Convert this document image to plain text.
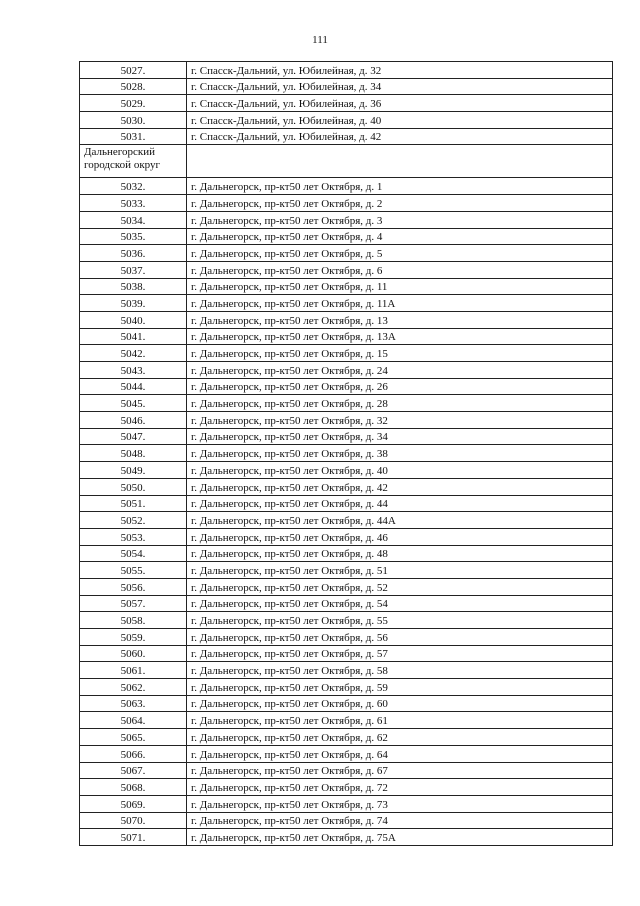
111
5027.	г. Спасск-Дальний, ул. Юбилейная, д. 32
5028.	г. Спасск-Дальний, ул. Юбилейная, д. 34
5029.	г. Спасск-Дальний, ул. Юбилейная, д. 36
5030.	г. Спасск-Дальний, ул. Юбилейная, д. 40
5031.	г. Спасск-Дальний, ул. Юбилейная, д. 42
Дальнегорский городской округ	
5032.	г. Дальнегорск, пр-кт50 лет Октября, д. 1
5033.	г. Дальнегорск, пр-кт50 лет Октября, д. 2
5034.	г. Дальнегорск, пр-кт50 лет Октября, д. 3
5035.	г. Дальнегорск, пр-кт50 лет Октября, д. 4
5036.	г. Дальнегорск, пр-кт50 лет Октября, д. 5
5037.	г. Дальнегорск, пр-кт50 лет Октября, д. 6
5038.	г. Дальнегорск, пр-кт50 лет Октября, д. 11
5039.	г. Дальнегорск, пр-кт50 лет Октября, д. 11А
5040.	г. Дальнегорск, пр-кт50 лет Октября, д. 13
5041.	г. Дальнегорск, пр-кт50 лет Октября, д. 13А
5042.	г. Дальнегорск, пр-кт50 лет Октября, д. 15
5043.	г. Дальнегорск, пр-кт50 лет Октября, д. 24
5044.	г. Дальнегорск, пр-кт50 лет Октября, д. 26
5045.	г. Дальнегорск, пр-кт50 лет Октября, д. 28
5046.	г. Дальнегорск, пр-кт50 лет Октября, д. 32
5047.	г. Дальнегорск, пр-кт50 лет Октября, д. 34
5048.	г. Дальнегорск, пр-кт50 лет Октября, д. 38
5049.	г. Дальнегорск, пр-кт50 лет Октября, д. 40
5050.	г. Дальнегорск, пр-кт50 лет Октября, д. 42
5051.	г. Дальнегорск, пр-кт50 лет Октября, д. 44
5052.	г. Дальнегорск, пр-кт50 лет Октября, д. 44А
5053.	г. Дальнегорск, пр-кт50 лет Октября, д. 46
5054.	г. Дальнегорск, пр-кт50 лет Октября, д. 48
5055.	г. Дальнегорск, пр-кт50 лет Октября, д. 51
5056.	г. Дальнегорск, пр-кт50 лет Октября, д. 52
5057.	г. Дальнегорск, пр-кт50 лет Октября, д. 54
5058.	г. Дальнегорск, пр-кт50 лет Октября, д. 55
5059.	г. Дальнегорск, пр-кт50 лет Октября, д. 56
5060.	г. Дальнегорск, пр-кт50 лет Октября, д. 57
5061.	г. Дальнегорск, пр-кт50 лет Октября, д. 58
5062.	г. Дальнегорск, пр-кт50 лет Октября, д. 59
5063.	г. Дальнегорск, пр-кт50 лет Октября, д. 60
5064.	г. Дальнегорск, пр-кт50 лет Октября, д. 61
5065.	г. Дальнегорск, пр-кт50 лет Октября, д. 62
5066.	г. Дальнегорск, пр-кт50 лет Октября, д. 64
5067.	г. Дальнегорск, пр-кт50 лет Октября, д. 67
5068.	г. Дальнегорск, пр-кт50 лет Октября, д. 72
5069.	г. Дальнегорск, пр-кт50 лет Октября, д. 73
5070.	г. Дальнегорск, пр-кт50 лет Октября, д. 74
5071.	г. Дальнегорск, пр-кт50 лет Октября, д. 75А
